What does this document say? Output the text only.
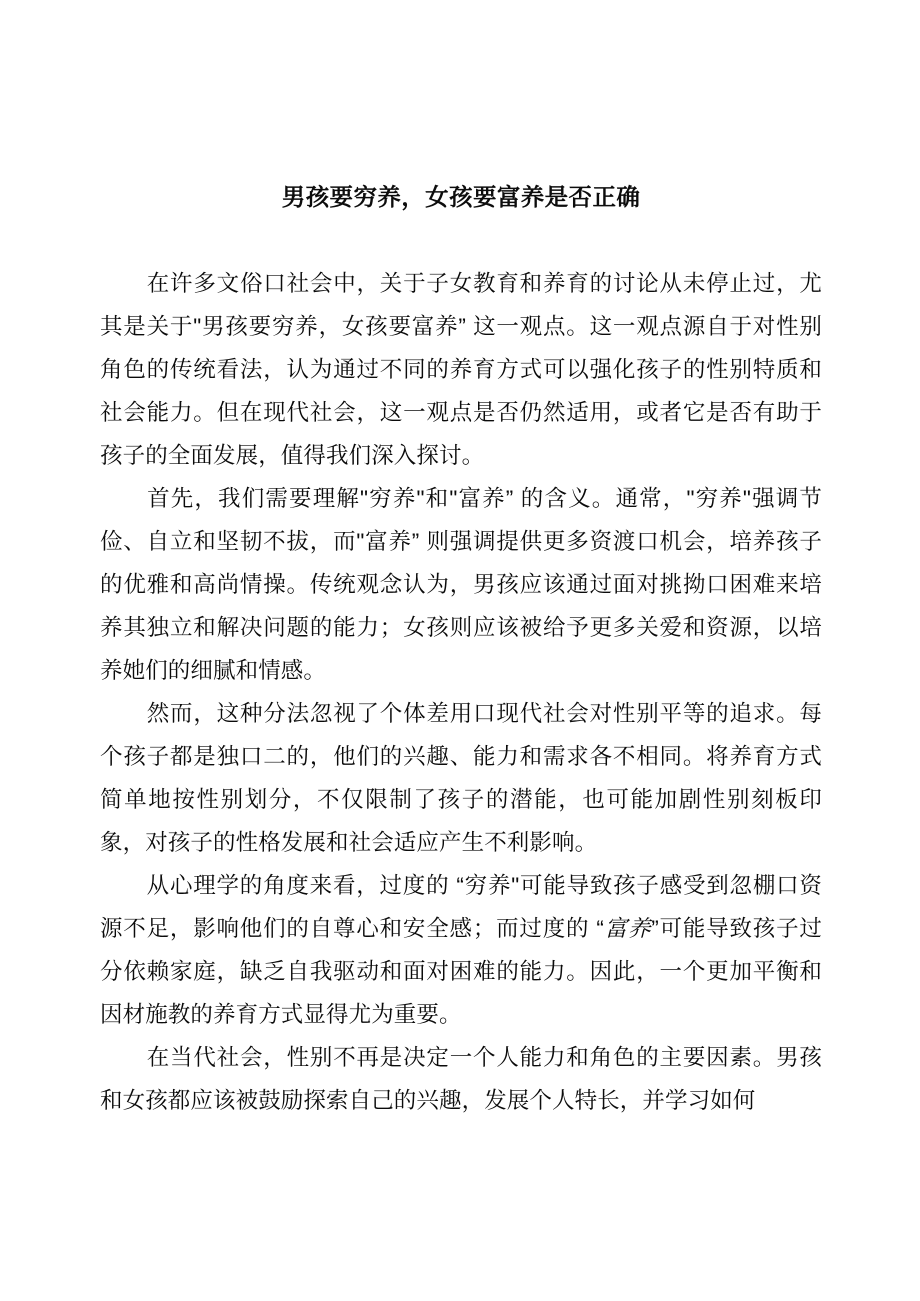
男孩要穷养，女孩要富养是否正确

在许多文俗口社会中，关于子女教育和养育的讨论从未停止过，尤其是关于"男孩要穷养，女孩要富养” 这一观点。这一观点源自于对性别角色的传统看法，认为通过不同的养育方式可以强化孩子的性别特质和社会能力。但在现代社会，这一观点是否仍然适用，或者它是否有助于孩子的全面发展，值得我们深入探讨。

首先，我们需要理解"穷养"和"富养” 的含义。通常，"穷养"强调节俭、自立和坚韧不拔，而"富养” 则强调提供更多资渡口机会，培养孩子的优雅和高尚情操。传统观念认为，男孩应该通过面对挑拗口困难来培养其独立和解决问题的能力；女孩则应该被给予更多关爱和资源，以培养她们的细腻和情感。

然而，这种分法忽视了个体差用口现代社会对性别平等的追求。每个孩子都是独口二的，他们的兴趣、能力和需求各不相同。将养育方式简单地按性别划分，不仅限制了孩子的潜能，也可能加剧性别刻板印象，对孩子的性格发展和社会适应产生不利影响。

从心理学的角度来看，过度的 “穷养"可能导致孩子感受到忽棚口资源不足，影响他们的自尊心和安全感；而过度的 “富养”可能导致孩子过分依赖家庭，缺乏自我驱动和面对困难的能力。因此，一个更加平衡和因材施教的养育方式显得尤为重要。

在当代社会，性别不再是决定一个人能力和角色的主要因素。男孩和女孩都应该被鼓励探索自己的兴趣，发展个人特长，并学习如何
